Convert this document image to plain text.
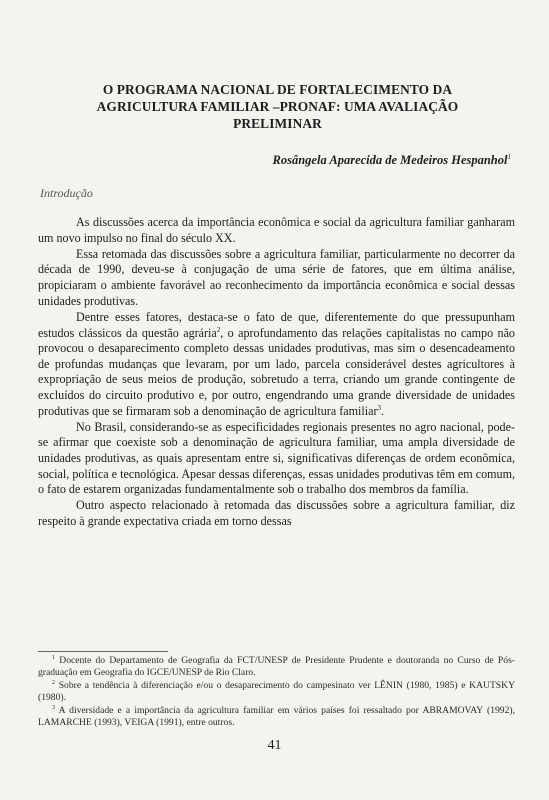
O PROGRAMA NACIONAL DE FORTALECIMENTO DA
AGRICULTURA FAMILIAR –PRONAF: UMA AVALIAÇÃO
PRELIMINAR
Rosângela Aparecida de Medeiros Hespanhol$^1$
Introdução

As discussões acerca da importância econômica e social da agricultura familiar ganharam um novo impulso no final do século XX.

Essa retomada das discussões sobre a agricultura familiar, particularmente no decorrer da década de 1990, deveu-se à conjugação de uma série de fatores, que em última análise, propiciaram o ambiente favorável ao reconhecimento da importância econômica e social dessas unidades produtivas.

Dentre esses fatores, destaca-se o fato de que, diferentemente do que pressupunham estudos clássicos da questão agrária$^2$, o aprofundamento das relações capitalistas no campo não provocou o desaparecimento completo dessas unidades produtivas, mas sim o desencadeamento de profundas mudanças que levaram, por um lado, parcela considerável destes agricultores à expropriação de seus meios de produção, sobretudo a terra, criando um grande contingente de excluídos do circuito produtivo e, por outro, engendrando uma grande diversidade de unidades produtivas que se firmaram sob a denominação de agricultura familiar$^3$.

No Brasil, considerando-se as especificidades regionais presentes no agro nacional, pode-se afirmar que coexiste sob a denominação de agricultura familiar, uma ampla diversidade de unidades produtivas, as quais apresentam entre si, significativas diferenças de ordem econômica, social, política e tecnológica. Apesar dessas diferenças, essas unidades produtivas têm em comum, o fato de estarem organizadas fundamentalmente sob o trabalho dos membros da família.

Outro aspecto relacionado à retomada das discussões sobre a agricultura familiar, diz respeito à grande expectativa criada em torno dessas

$^1$ Docente do Departamento de Geografia da FCT/UNESP de Presidente Prudente e doutoranda no Curso de Pós-graduação em Geografia do IGCE/UNESP de Rio Claro.

$^2$ Sobre a tendência à diferenciação e/ou o desaparecimento do campesinato ver LÊNIN (1980, 1985) e KAUTSKY (1980).

$^3$ A diversidade e a importância da agricultura familiar em vários países foi ressaltado por ABRAMOVAY (1992), LAMARCHE (1993), VEIGA (1991), entre outros.

41
